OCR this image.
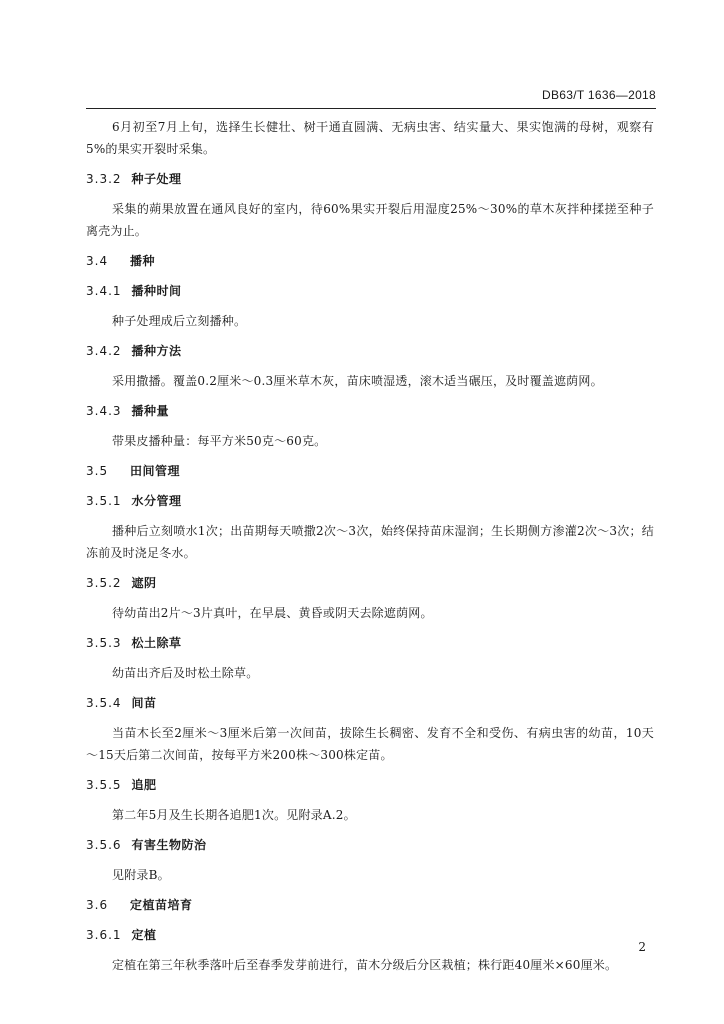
DB63/T 1636—2018

6月初至7月上旬，选择生长健壮、树干通直圆满、无病虫害、结实量大、果实饱满的母树，观察有5%的果实开裂时采集。

3.3.2 种子处理

采集的蒴果放置在通风良好的室内，待60%果实开裂后用湿度25%～30%的草木灰拌种揉搓至种子离壳为止。

3.4 播种
3.4.1 播种时间

种子处理成后立刻播种。

3.4.2 播种方法

采用撒播。覆盖0.2厘米～0.3厘米草木灰，苗床喷湿透，滚木适当碾压，及时覆盖遮荫网。

3.4.3 播种量

带果皮播种量：每平方米50克～60克。

3.5 田间管理
3.5.1 水分管理

播种后立刻喷水1次；出苗期每天喷撒2次～3次，始终保持苗床湿润；生长期侧方渗灌2次～3次；结冻前及时浇足冬水。

3.5.2 遮阴

待幼苗出2片～3片真叶，在早晨、黄昏或阴天去除遮荫网。

3.5.3 松土除草

幼苗出齐后及时松土除草。

3.5.4 间苗

当苗木长至2厘米～3厘米后第一次间苗，拔除生长稠密、发育不全和受伤、有病虫害的幼苗，10天～15天后第二次间苗，按每平方米200株～300株定苗。

3.5.5 追肥

第二年5月及生长期各追肥1次。见附录A.2。

3.5.6 有害生物防治

见附录B。

3.6 定植苗培育
3.6.1 定植

定植在第三年秋季落叶后至春季发芽前进行，苗木分级后分区栽植；株行距40厘米×60厘米。

2
